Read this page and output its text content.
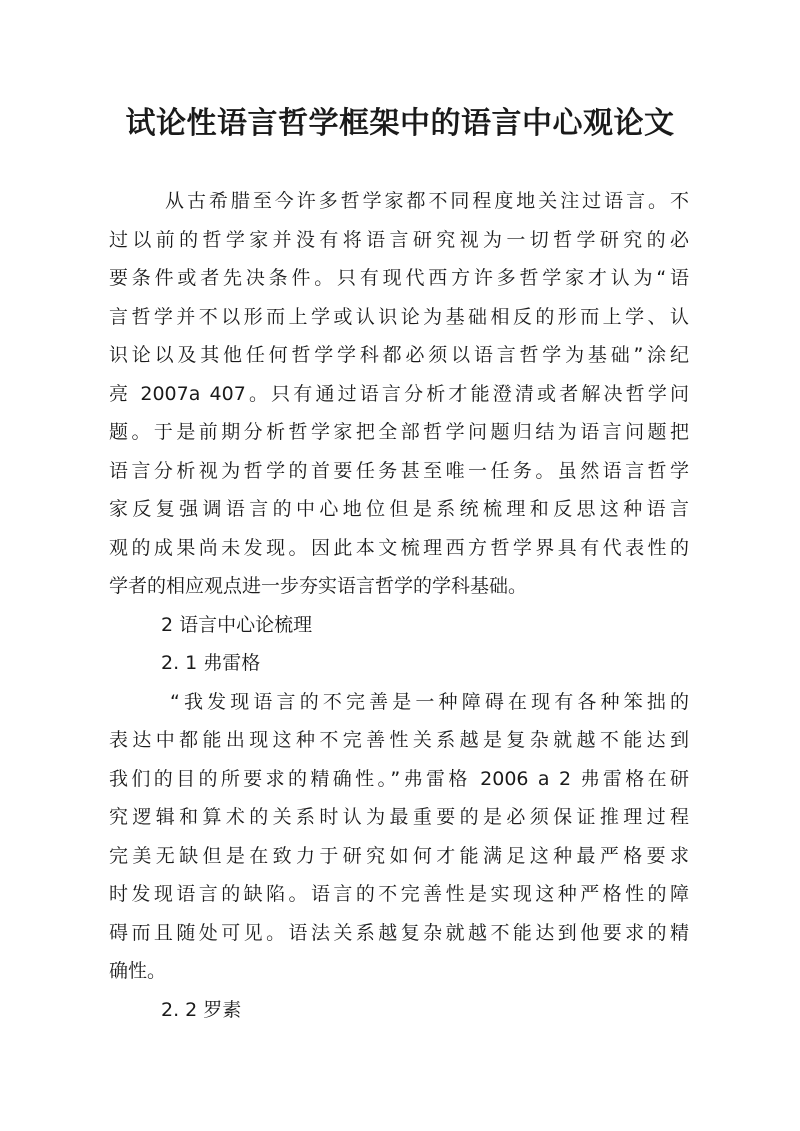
试论性语言哲学框架中的语言中心观论文

从古希腊至今许多哲学家都不同程度地关注过语言。不

过以前的哲学家并没有将语言研究视为一切哲学研究的必

要条件或者先决条件。只有现代西方许多哲学家才认为“语

言哲学并不以形而上学或认识论为基础相反的形而上学、认

识论以及其他任何哲学学科都必须以语言哲学为基础”涂纪

亮 2007a 407。只有通过语言分析才能澄清或者解决哲学问

题。于是前期分析哲学家把全部哲学问题归结为语言问题把

语言分析视为哲学的首要任务甚至唯一任务。虽然语言哲学

家反复强调语言的中心地位但是系统梳理和反思这种语言

观的成果尚未发现。因此本文梳理西方哲学界具有代表性的

学者的相应观点进一步夯实语言哲学的学科基础。

2 语言中心论梳理

2. 1 弗雷格

“我发现语言的不完善是一种障碍在现有各种笨拙的

表达中都能出现这种不完善性关系越是复杂就越不能达到

我们的目的所要求的精确性。”弗雷格 2006 a 2 弗雷格在研

究逻辑和算术的关系时认为最重要的是必须保证推理过程

完美无缺但是在致力于研究如何才能满足这种最严格要求

时发现语言的缺陷。语言的不完善性是实现这种严格性的障

碍而且随处可见。语法关系越复杂就越不能达到他要求的精

确性。

2. 2 罗素
